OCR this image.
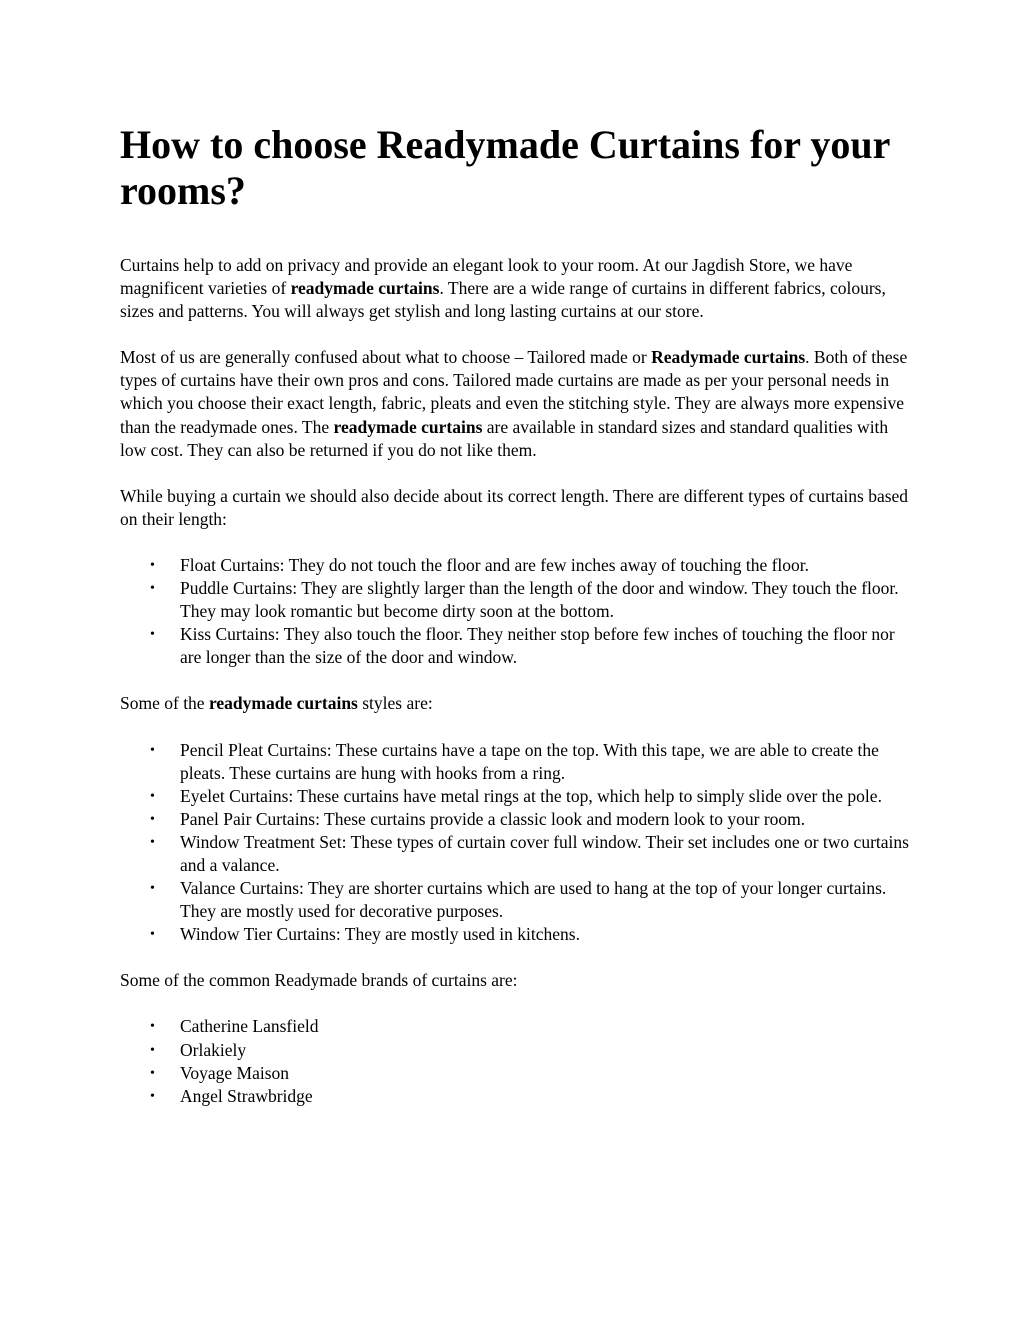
How to choose Readymade Curtains for your rooms?

Curtains help to add on privacy and provide an elegant look to your room. At our Jagdish Store, we have magnificent varieties of readymade curtains. There are a wide range of curtains in different fabrics, colours, sizes and patterns. You will always get stylish and long lasting curtains at our store.

Most of us are generally confused about what to choose – Tailored made or Readymade curtains. Both of these types of curtains have their own pros and cons. Tailored made curtains are made as per your personal needs in which you choose their exact length, fabric, pleats and even the stitching style. They are always more expensive than the readymade ones. The readymade curtains are available in standard sizes and standard qualities with low cost. They can also be returned if you do not like them.

While buying a curtain we should also decide about its correct length. There are different types of curtains based on their length:

• Float Curtains: They do not touch the floor and are few inches away of touching the floor.
• Puddle Curtains: They are slightly larger than the length of the door and window. They touch the floor. They may look romantic but become dirty soon at the bottom.
• Kiss Curtains: They also touch the floor. They neither stop before few inches of touching the floor nor are longer than the size of the door and window.

Some of the readymade curtains styles are:

• Pencil Pleat Curtains: These curtains have a tape on the top. With this tape, we are able to create the pleats. These curtains are hung with hooks from a ring.
• Eyelet Curtains: These curtains have metal rings at the top, which help to simply slide over the pole.
• Panel Pair Curtains: These curtains provide a classic look and modern look to your room.
• Window Treatment Set: These types of curtain cover full window. Their set includes one or two curtains and a valance.
• Valance Curtains: They are shorter curtains which are used to hang at the top of your longer curtains. They are mostly used for decorative purposes.
• Window Tier Curtains: They are mostly used in kitchens.

Some of the common Readymade brands of curtains are:

• Catherine Lansfield
• Orlakiely
• Voyage Maison
• Angel Strawbridge
